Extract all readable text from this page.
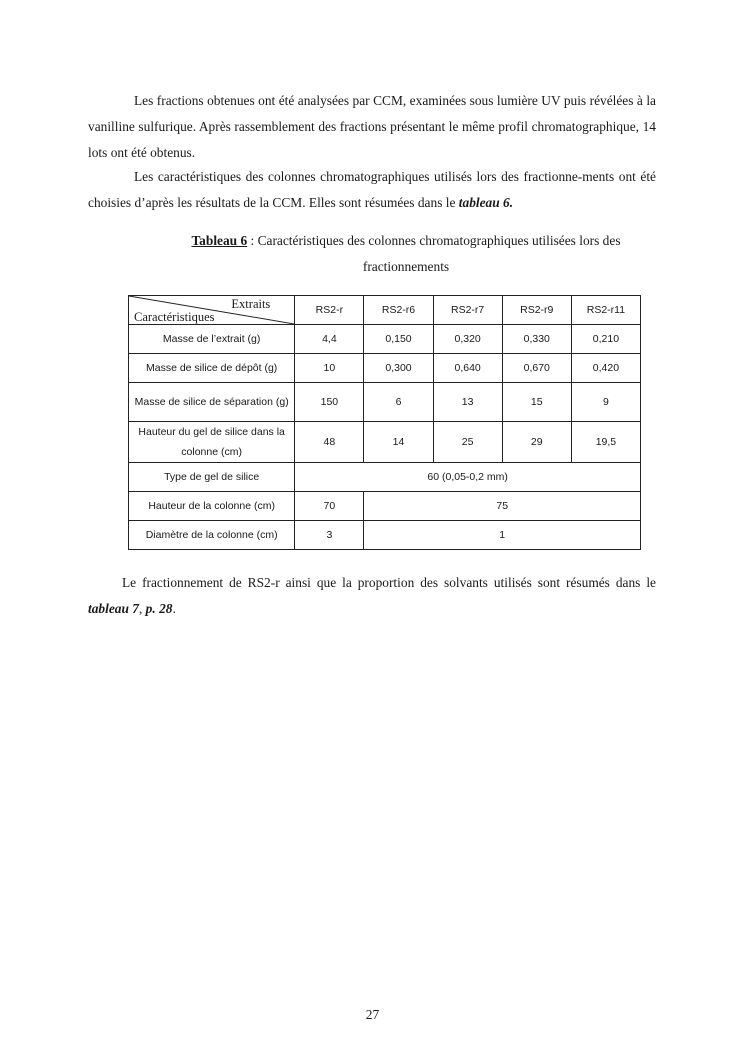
Les fractions obtenues ont été analysées par CCM, examinées sous lumière UV puis révélées à la vanilline sulfurique. Après rassemblement des fractions présentant le même profil chromatographique, 14 lots ont été obtenus.

Les caractéristiques des colonnes chromatographiques utilisés lors des fractionne-ments ont été choisies d’après les résultats de la CCM. Elles sont résumées dans le tableau 6.

Tableau 6 : Caractéristiques des colonnes chromatographiques utilisées lors des fractionnements

Extraits
Caractéristiques	RS2-r	RS2-r6	RS2-r7	RS2-r9	RS2-r11
Masse de l’extrait (g)	4,4	0,150	0,320	0,330	0,210
Masse de silice de dépôt (g)	10	0,300	0,640	0,670	0,420
Masse de silice de séparation (g)	150	6	13	15	9
Hauteur du gel de silice dans la colonne (cm)	48	14	25	29	19,5
Type de gel de silice	60 (0,05-0,2 mm)				
Hauteur de la colonne (cm)	70	75			
Diamètre de la colonne (cm)	3	1			

Le fractionnement de RS2-r ainsi que la proportion des solvants utilisés sont résumés dans le tableau 7, p. 28.

27
